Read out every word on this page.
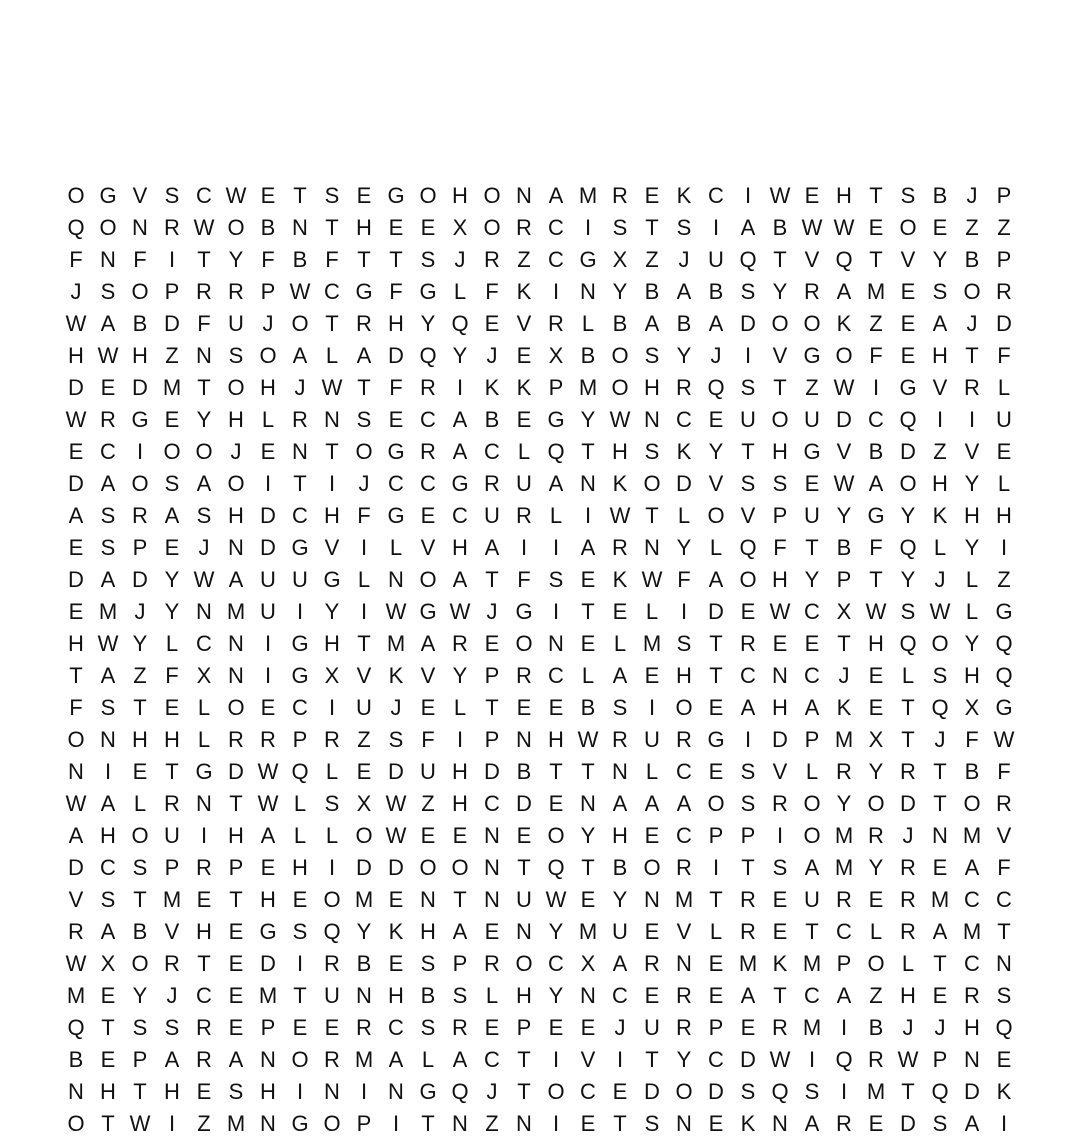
O G V S C W E T S E G O H O N A M R E K C I W E H T S B J P
Q O N R W O B N T H E E X O R C I S T S I A B W W E O E Z Z
F N F	I	T Y F B F T T S J R Z C G X Z J U Q T V Q T V Y B P
J S O P R R P W C G F G L F K I N Y B A B S Y R A M E S O R
W A B D F U J O T R H Y Q E V R L B A B A D O O K Z E A J D
H W H Z N S O A L A D Q Y J E X B O S Y J	I V G O F E H T F
D E D M T O H J W T F R I K K P M O H R Q S T Z W I G V R L
W R G E Y H L R N S E C A B E G Y W N C E U O U D C Q I	I U
E C I O O J E N T O G R A C L Q T H S K Y T H G V B D Z V E
D A O S A O I	T	I	J C C G R U A N K O D V S S E W A O H Y L
A S R A S H D C H F G E C U R L	I W T L O V P U Y G Y K H H
E S P E J N D G V I	L V H A I	I A R N Y L Q F T B F Q L Y I
D A D Y W A U U G L N O A T F S E K W F A O H Y P T Y J L Z
E M J Y N M U I Y I W G W J G I	T E L	I D E W C X W S W L G
H W Y L C N I G H T M A R E O N E L M S T R E E T H Q O Y Q
T A Z F X N I G X V K V Y P R C L A E H T C N C J E L S H Q
F S T E L O E C I U J E L T E E B S I O E A H A K E T Q X G
O N H H L R R P R Z S F	I P N H W R U R G I D P M X T J F W
N I E T G D W Q L E D U H D B T T N L C E S V L R Y R T B F
W A L R N T W L S X W Z H C D E N A A A O S R O Y O D T O R
A H O U I H A L L O W E E N E O Y H E C P P I O M R J N M V
D C S P R P E H I D D O O N T Q T B O R I	T S A M Y R E A F
V S T M E T H E O M E N T N U W E Y N M T R E U R E R M C C
R A B V H E G S Q Y K H A E N Y M U E V L R E T C L R A M T
W X O R T E D I R B E S P R O C X A R N E M K M P O L T C N
M E Y J C E M T U N H B S L H Y N C E R E A T C A Z H E R S
Q T S S R E P E E R C S R E P E E J U R P E R M I B J J H Q
B E P A R A N O R M A L A C T	I V I	T Y C D W I Q R W P N E
N H T H E S H I N I N G Q J T O C E D O D S Q S I M T Q D K
O T W I	Z M N G O P I	T N Z N I E T S N E K N A R E D S A I
